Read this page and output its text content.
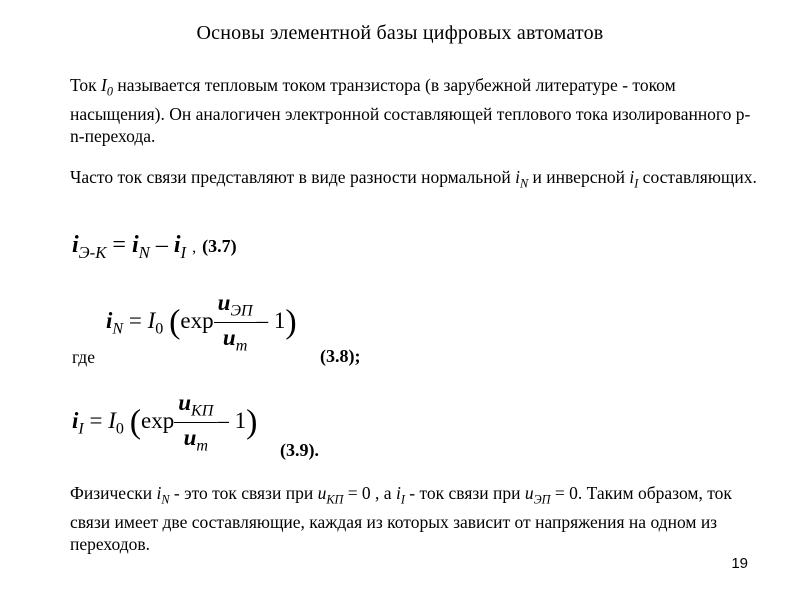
Основы элементной базы цифровых автоматов
Ток $I_0$ называется тепловым током транзистора (в зарубежной литературе - током насыщения). Он аналогичен электронной составляющей теплового тока изолированного p-n-перехода.
Часто ток связи представляют в виде разности нормальной $i_N$ и инверсной $i_I$ составляющих.
$i_{Э-К} = i_N - i_I$ , (3.7)
$i_N = I_0$ $(\exp \frac{u_{ЭП}}{u_m} - 1)$
где	(3.8);
$i_I = I_0$ $(\exp \frac{u_{КП}}{u_m} - 1)$
(3.9).
Физически $i_N$ - это ток связи при $u_{КП} = 0$ , а $i_I$ - ток связи при $u_{ЭП} = 0$. Таким образом, ток связи имеет две составляющие, каждая из которых зависит от напряжения на одном из переходов.
19
